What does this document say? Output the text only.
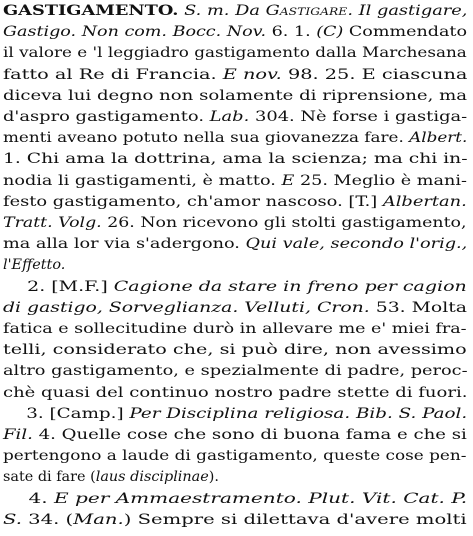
GASTIGAMENTO. S. m. Da Gastigare. Il gastigare,
Gastigo. Non com. Bocc. Nov. 6. 1. (C) Commendato
il valore e 'l leggiadro gastigamento dalla Marchesana
fatto al Re di Francia. E nov. 98. 25. E ciascuna
diceva lui degno non solamente di riprensione, ma
d'aspro gastigamento. Lab. 304. Nè forse i gastiga-
menti aveano potuto nella sua giovanezza fare. Albert.
1. Chi ama la dottrina, ama la scienza; ma chi in-
nodia li gastigamenti, è matto. E 25. Meglio è mani-
festo gastigamento, ch'amor nascoso. [T.] Albertan.
Tratt. Volg. 26. Non ricevono gli stolti gastigamento,
ma alla lor via s'adergono. Qui vale, secondo l'orig.,
l'Effetto.
2. [M.F.] Cagione da stare in freno per cagion
di gastigo, Sorveglianza. Velluti, Cron. 53. Molta
fatica e sollecitudine durò in allevare me e' miei fra-
telli, considerato che, si può dire, non avessimo
altro gastigamento, e spezialmente di padre, peroc-
chè quasi del continuo nostro padre stette di fuori.
3. [Camp.] Per Disciplina religiosa. Bib. S. Paol.
Fil. 4. Quelle cose che sono di buona fama e che si
pertengono a laude di gastigamento, queste cose pen-
sate di fare (laus disciplinae).
4. E per Ammaestramento. Plut. Vit. Cat. P.
S. 34. (Man.) Sempre si dilettava d'avere molti
